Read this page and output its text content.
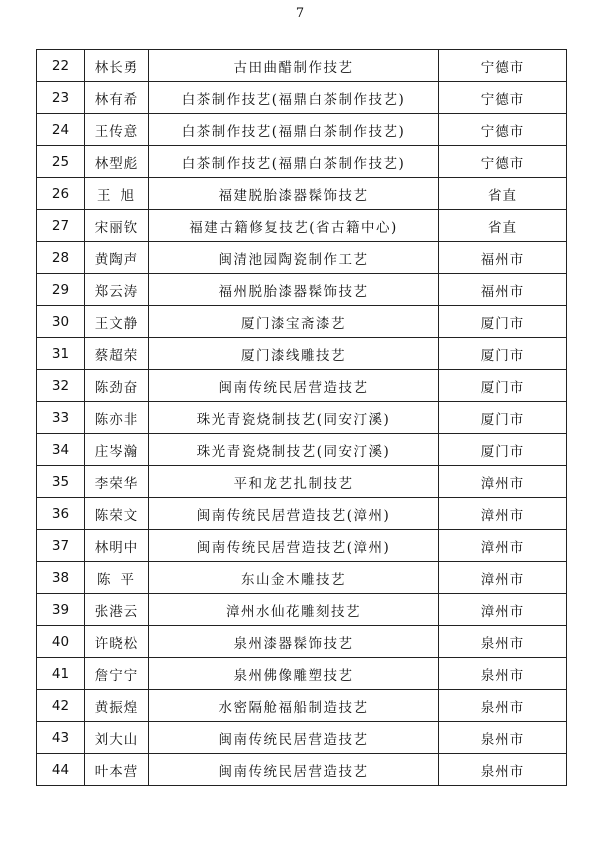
7
22	林长勇	古田曲醋制作技艺	宁德市
23	林有希	白茶制作技艺(福鼎白茶制作技艺)	宁德市
24	王传意	白茶制作技艺(福鼎白茶制作技艺)	宁德市
25	林型彪	白茶制作技艺(福鼎白茶制作技艺)	宁德市
26	王旭	福建脱胎漆器髹饰技艺	省直
27	宋丽钦	福建古籍修复技艺(省古籍中心)	省直
28	黄陶声	闽清池园陶瓷制作工艺	福州市
29	郑云涛	福州脱胎漆器髹饰技艺	福州市
30	王文静	厦门漆宝斋漆艺	厦门市
31	蔡超荣	厦门漆线雕技艺	厦门市
32	陈劲奋	闽南传统民居营造技艺	厦门市
33	陈亦非	珠光青瓷烧制技艺(同安汀溪)	厦门市
34	庄岑瀚	珠光青瓷烧制技艺(同安汀溪)	厦门市
35	李荣华	平和龙艺扎制技艺	漳州市
36	陈荣文	闽南传统民居营造技艺(漳州)	漳州市
37	林明中	闽南传统民居营造技艺(漳州)	漳州市
38	陈平	东山金木雕技艺	漳州市
39	张港云	漳州水仙花雕刻技艺	漳州市
40	许晓松	泉州漆器髹饰技艺	泉州市
41	詹宁宁	泉州佛像雕塑技艺	泉州市
42	黄振煌	水密隔舱福船制造技艺	泉州市
43	刘大山	闽南传统民居营造技艺	泉州市
44	叶本营	闽南传统民居营造技艺	泉州市
